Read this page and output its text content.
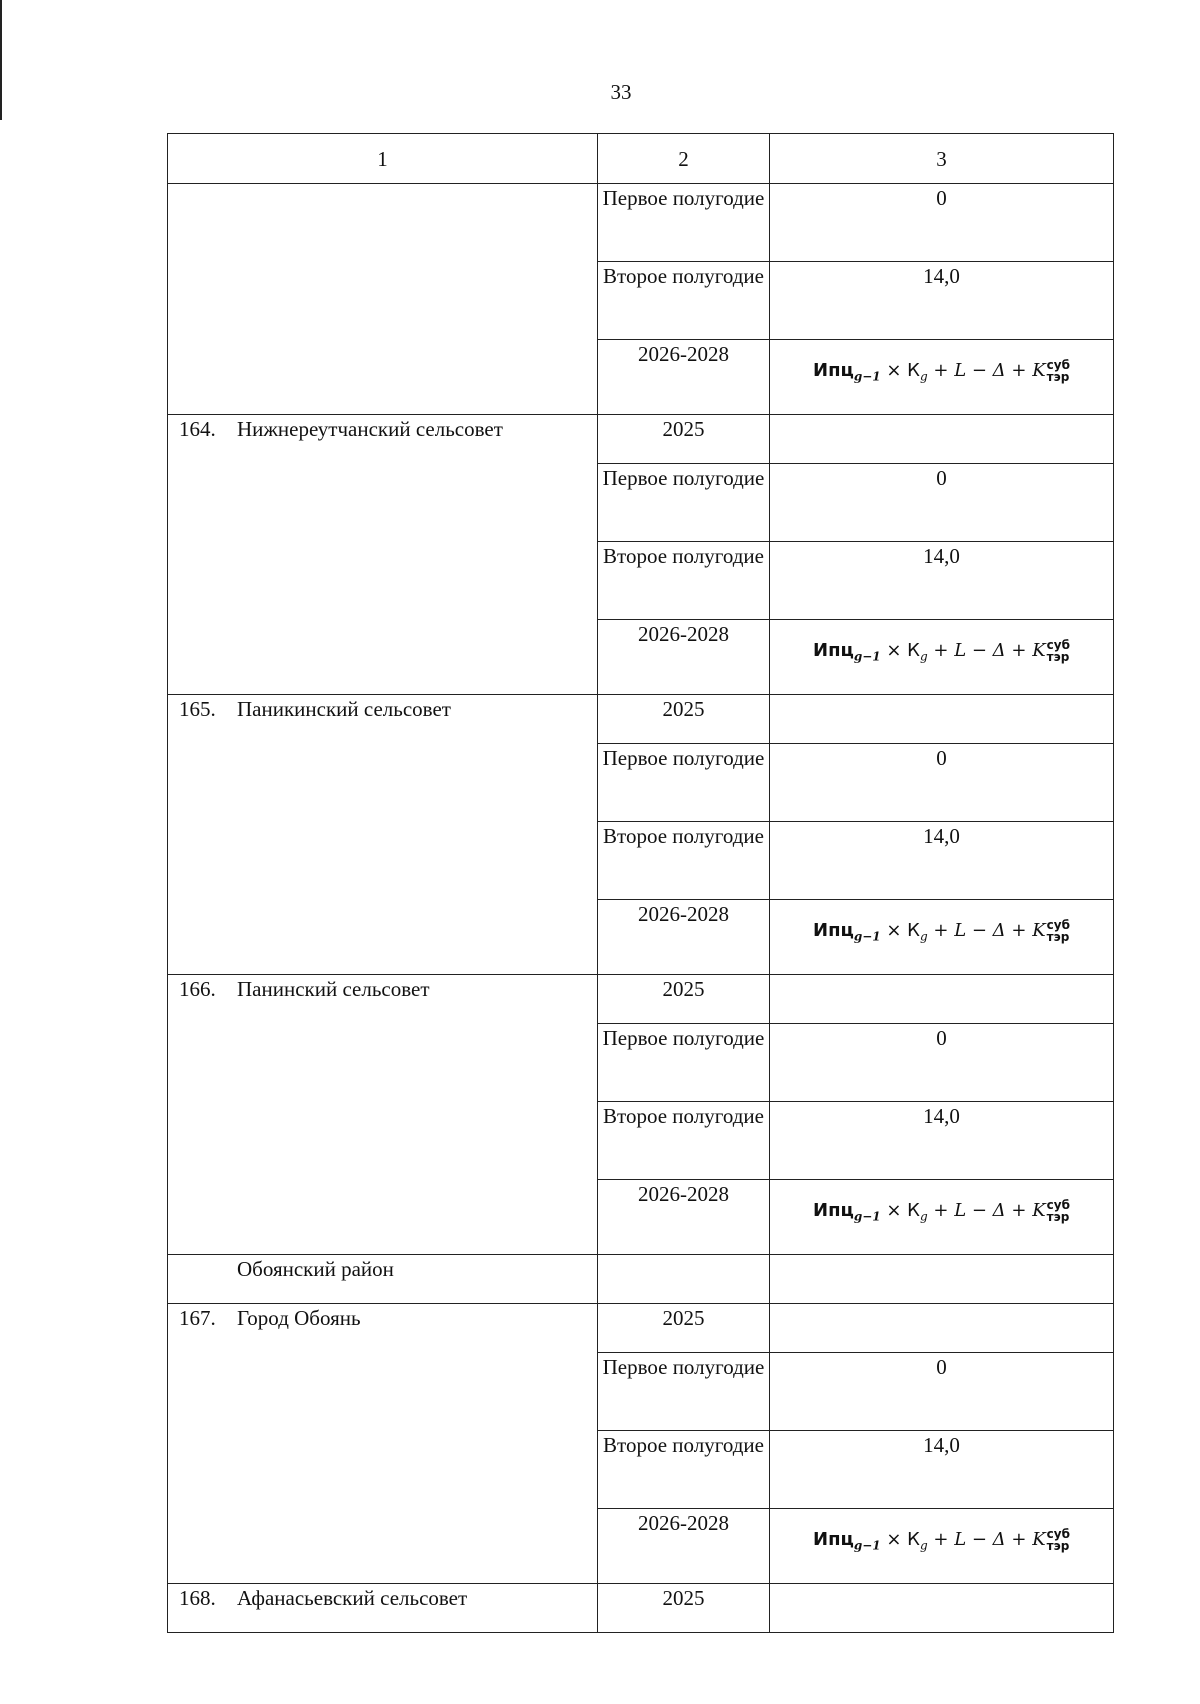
33
1	2	3
	Первое полугодие	0
	Второе полугодие	14,0
	2026-2028	$Ипц_{g-1} \times К_g + L - \Delta + K$ суб
тэр

164. Нижнереутчанский сельсовет	2025	
	Первое полугодие	0
	Второе полугодие	14,0
	2026-2028	$Ипц_{g-1} \times К_g + L - \Delta + K$ суб
тэр

165. Паникинский сельсовет	2025	
	Первое полугодие	0
	Второе полугодие	14,0
	2026-2028	$Ипц_{g-1} \times К_g + L - \Delta + K$ суб
тэр

166. Панинский сельсовет	2025	
	Первое полугодие	0
	Второе полугодие	14,0
	2026-2028	$Ипц_{g-1} \times К_g + L - \Delta + K$ суб
тэр

Обоянский район		
167. Город Обоянь	2025	
	Первое полугодие	0
	Второе полугодие	14,0
	2026-2028	$Ипц_{g-1} \times К_g + L - \Delta + K$ суб
тэр

168. Афанасьевский сельсовет	2025	
